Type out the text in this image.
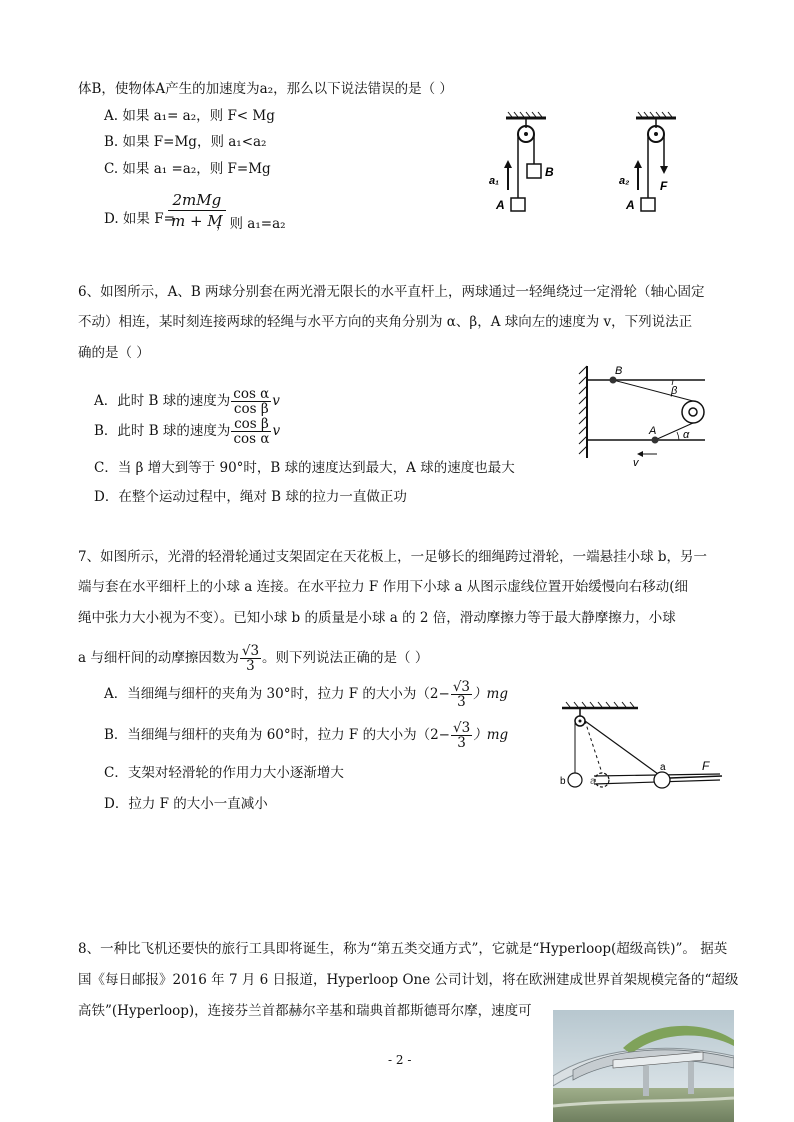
体B，使物体A产生的加速度为a₂，那么以下说法错误的是（ ）
A. 如果 a₁= a₂，则 F< Mg
B. 如果 F=Mg，则 a₁<a₂
C. 如果 a₁ =a₂，则 F=Mg
D. 如果 F=
2mMg
m + M
，则 a₁=a₂
a₁
A
B
a₂
A
F
6、如图所示，A、B 两球分别套在两光滑无限长的水平直杆上，两球通过一轻绳绕过一定滑轮（轴心固定
不动）相连，某时刻连接两球的轻绳与水平方向的夹角分别为 α、β，A 球向左的速度为 v，下列说法正
确的是（ ）
A．此时 B 球的速度为 $\frac{\text{cos α}}{\text{cos β}}$ v
B．此时 B 球的速度为 $\frac{\text{cos β}}{\text{cos α}}$ v
C．当 β 增大到等于 90°时，B 球的速度达到最大，A 球的速度也最大
D．在整个运动过程中，绳对 B 球的拉力一直做正功
B
A
β
α
v
7、如图所示，光滑的轻滑轮通过支架固定在天花板上，一足够长的细绳跨过滑轮，一端悬挂小球 b，另一
端与套在水平细杆上的小球 a 连接。在水平拉力 F 作用下小球 a 从图示虚线位置开始缓慢向右移动(细
绳中张力大小视为不变）。已知小球 b 的质量是小球 a 的 2 倍，滑动摩擦力等于最大静摩擦力，小球
a 与细杆间的动摩擦因数为 $\frac{√3}{3}$ 。则下列说法正确的是（ ）
A．当细绳与细杆的夹角为 30°时，拉力 F 的大小为$(2- \frac{√3}{3} )mg$
B．当细绳与细杆的夹角为 60°时，拉力 F 的大小为$(2- \frac{√3}{3} )mg$
C．支架对轻滑轮的作用力大小逐渐增大
D．拉力 F 的大小一直减小
b a
a	F
8、一种比飞机还要快的旅行工具即将诞生，称为“第五类交通方式”，它就是“Hyperloop(超级高铁)”。 据英
国《每日邮报》2016 年 7 月 6 日报道，Hyperloop One 公司计划，将在欧洲建成世界首架规模完备的“超级
高铁”(Hyperloop)，连接芬兰首都赫尔辛基和瑞典首都斯德哥尔摩，速度可
- 2 -
